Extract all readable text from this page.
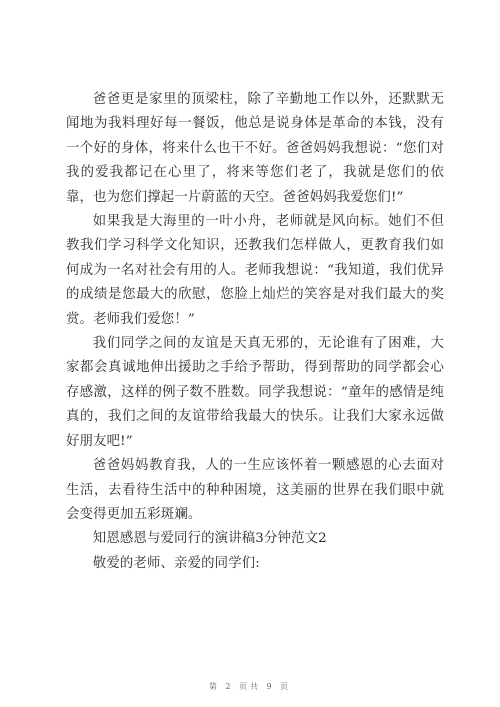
爸爸更是家里的顶梁柱，除了辛勤地工作以外，还默默无闻地为我料理好每一餐饭，他总是说身体是革命的本钱，没有一个好的身体，将来什么也干不好。爸爸妈妈我想说：“您们对我的爱我都记在心里了，将来等您们老了，我就是您们的依靠，也为您们撑起一片蔚蓝的天空。爸爸妈妈我爱您们!”

如果我是大海里的一叶小舟，老师就是风向标。她们不但教我们学习科学文化知识，还教我们怎样做人，更教育我们如何成为一名对社会有用的人。老师我想说：“我知道，我们优异的成绩是您最大的欣慰，您脸上灿烂的笑容是对我们最大的奖赏。老师我们爱您！”

我们同学之间的友谊是天真无邪的，无论谁有了困难，大家都会真诚地伸出援助之手给予帮助，得到帮助的同学都会心存感激，这样的例子数不胜数。同学我想说：“童年的感情是纯真的，我们之间的友谊带给我最大的快乐。让我们大家永远做好朋友吧!”

爸爸妈妈教育我，人的一生应该怀着一颗感恩的心去面对生活，去看待生活中的种种困境，这美丽的世界在我们眼中就会变得更加五彩斑斓。

知恩感恩与爱同行的演讲稿3分钟范文2

敬爱的老师、亲爱的同学们:

第 2 页共 9 页
